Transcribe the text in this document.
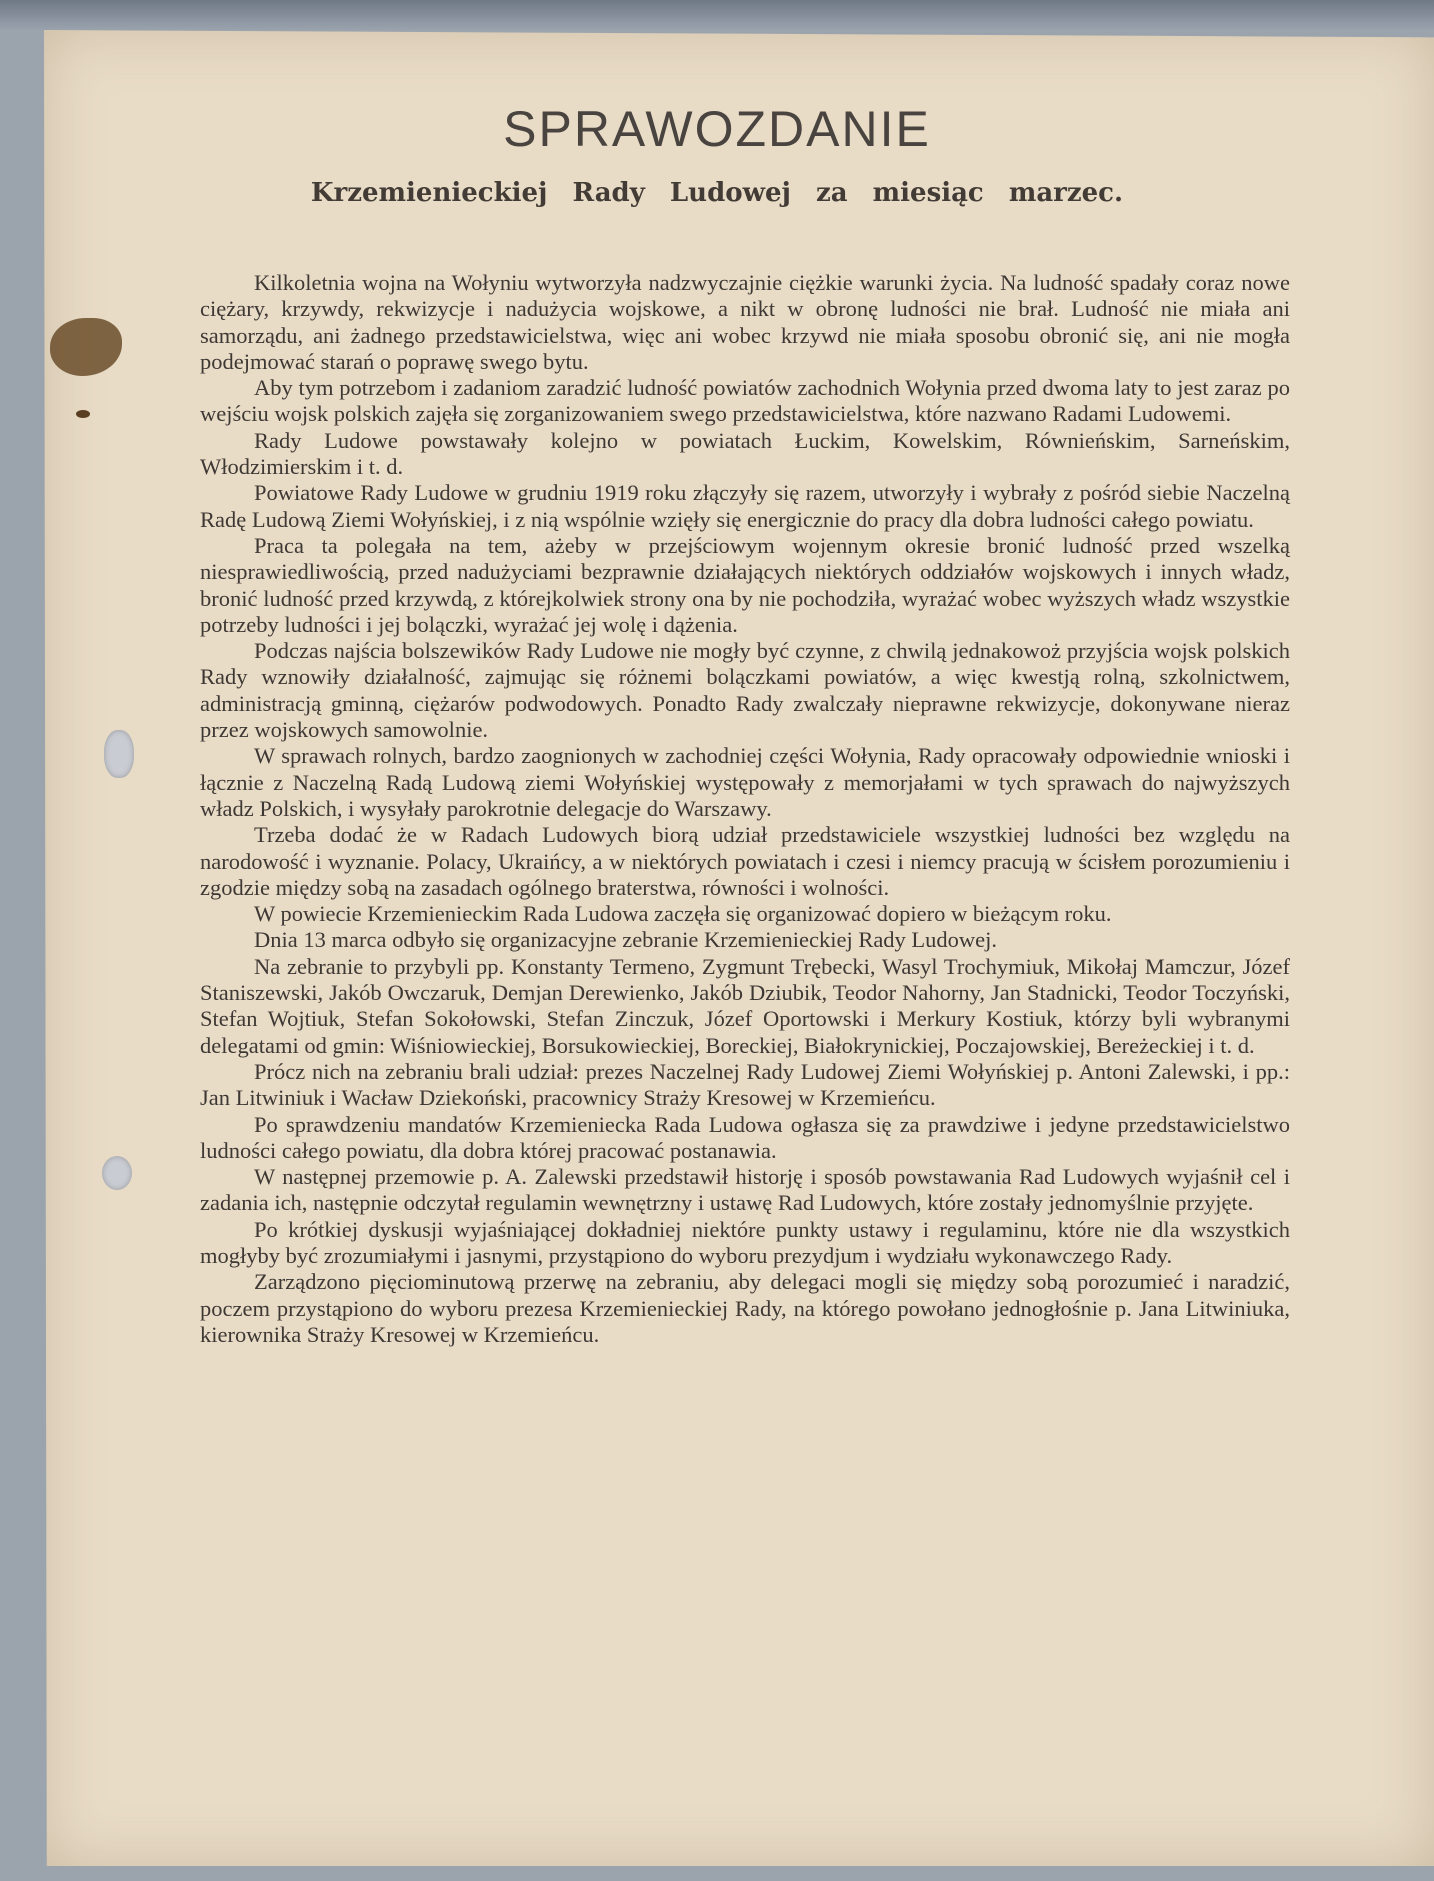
SPRAWOZDANIE
Krzemienieckiej Rady Ludowej za miesiąc marzec.

Kilkoletnia wojna na Wołyniu wytworzyła nadzwyczajnie ciężkie warunki życia. Na ludność spadały coraz nowe ciężary, krzywdy, rekwizycje i nadużycia wojskowe, a nikt w obronę ludności nie brał. Ludność nie miała ani samorządu, ani żadnego przedstawicielstwa, więc ani wobec krzywd nie miała sposobu obronić się, ani nie mogła podejmować starań o poprawę swego bytu.

Aby tym potrzebom i zadaniom zaradzić ludność powiatów zachodnich Wołynia przed dwoma laty to jest zaraz po wejściu wojsk polskich zajęła się zorganizowaniem swego przedstawicielstwa, które nazwano Radami Ludowemi.

Rady Ludowe powstawały kolejno w powiatach Łuckim, Kowelskim, Równieńskim, Sarneńskim, Włodzimierskim i t. d.

Powiatowe Rady Ludowe w grudniu 1919 roku złączyły się razem, utworzyły i wybrały z pośród siebie Naczelną Radę Ludową Ziemi Wołyńskiej, i z nią wspólnie wzięły się energicznie do pracy dla dobra ludności całego powiatu.

Praca ta polegała na tem, ażeby w przejściowym wojennym okresie bronić ludność przed wszelką niesprawiedliwością, przed nadużyciami bezprawnie działających niektórych oddziałów wojskowych i innych władz, bronić ludność przed krzywdą, z którejkolwiek strony ona by nie pochodziła, wyrażać wobec wyższych władz wszystkie potrzeby ludności i jej bolączki, wyrażać jej wolę i dążenia.

Podczas najścia bolszewików Rady Ludowe nie mogły być czynne, z chwilą jednakowoż przyjścia wojsk polskich Rady wznowiły działalność, zajmując się różnemi bolączkami powiatów, a więc kwestją rolną, szkolnictwem, administracją gminną, ciężarów podwodowych. Ponadto Rady zwalczały nieprawne rekwizycje, dokonywane nieraz przez wojskowych samowolnie.

W sprawach rolnych, bardzo zaognionych w zachodniej części Wołynia, Rady opracowały odpowiednie wnioski i łącznie z Naczelną Radą Ludową ziemi Wołyńskiej występowały z memorjałami w tych sprawach do najwyższych władz Polskich, i wysyłały parokrotnie delegacje do Warszawy.

Trzeba dodać że w Radach Ludowych biorą udział przedstawiciele wszystkiej ludności bez względu na narodowość i wyznanie. Polacy, Ukraińcy, a w niektórych powiatach i czesi i niemcy pracują w ścisłem porozumieniu i zgodzie między sobą na zasadach ogólnego braterstwa, równości i wolności.

W powiecie Krzemienieckim Rada Ludowa zaczęła się organizować dopiero w bieżącym roku.

Dnia 13 marca odbyło się organizacyjne zebranie Krzemienieckiej Rady Ludowej.

Na zebranie to przybyli pp. Konstanty Termeno, Zygmunt Trębecki, Wasyl Trochymiuk, Mikołaj Mamczur, Józef Staniszewski, Jakób Owczaruk, Demjan Derewienko, Jakób Dziubik, Teodor Nahorny, Jan Stadnicki, Teodor Toczyński, Stefan Wojtiuk, Stefan Sokołowski, Stefan Zinczuk, Józef Oportowski i Merkury Kostiuk, którzy byli wybranymi delegatami od gmin: Wiśniowieckiej, Borsukowieckiej, Boreckiej, Białokrynickiej, Poczajowskiej, Bereżeckiej i t. d.

Prócz nich na zebraniu brali udział: prezes Naczelnej Rady Ludowej Ziemi Wołyńskiej p. Antoni Zalewski, i pp.: Jan Litwiniuk i Wacław Dziekoński, pracownicy Straży Kresowej w Krzemieńcu.

Po sprawdzeniu mandatów Krzemieniecka Rada Ludowa ogłasza się za prawdziwe i jedyne przedstawicielstwo ludności całego powiatu, dla dobra której pracować postanawia.

W następnej przemowie p. A. Zalewski przedstawił historję i sposób powstawania Rad Ludowych wyjaśnił cel i zadania ich, następnie odczytał regulamin wewnętrzny i ustawę Rad Ludowych, które zostały jednomyślnie przyjęte.

Po krótkiej dyskusji wyjaśniającej dokładniej niektóre punkty ustawy i regulaminu, które nie dla wszystkich mogłyby być zrozumiałymi i jasnymi, przystąpiono do wyboru prezydjum i wydziału wykonawczego Rady.

Zarządzono pięciominutową przerwę na zebraniu, aby delegaci mogli się między sobą porozumieć i naradzić, poczem przystąpiono do wyboru prezesa Krzemienieckiej Rady, na którego powołano jednogłośnie p. Jana Litwiniuka, kierownika Straży Kresowej w Krzemieńcu.
